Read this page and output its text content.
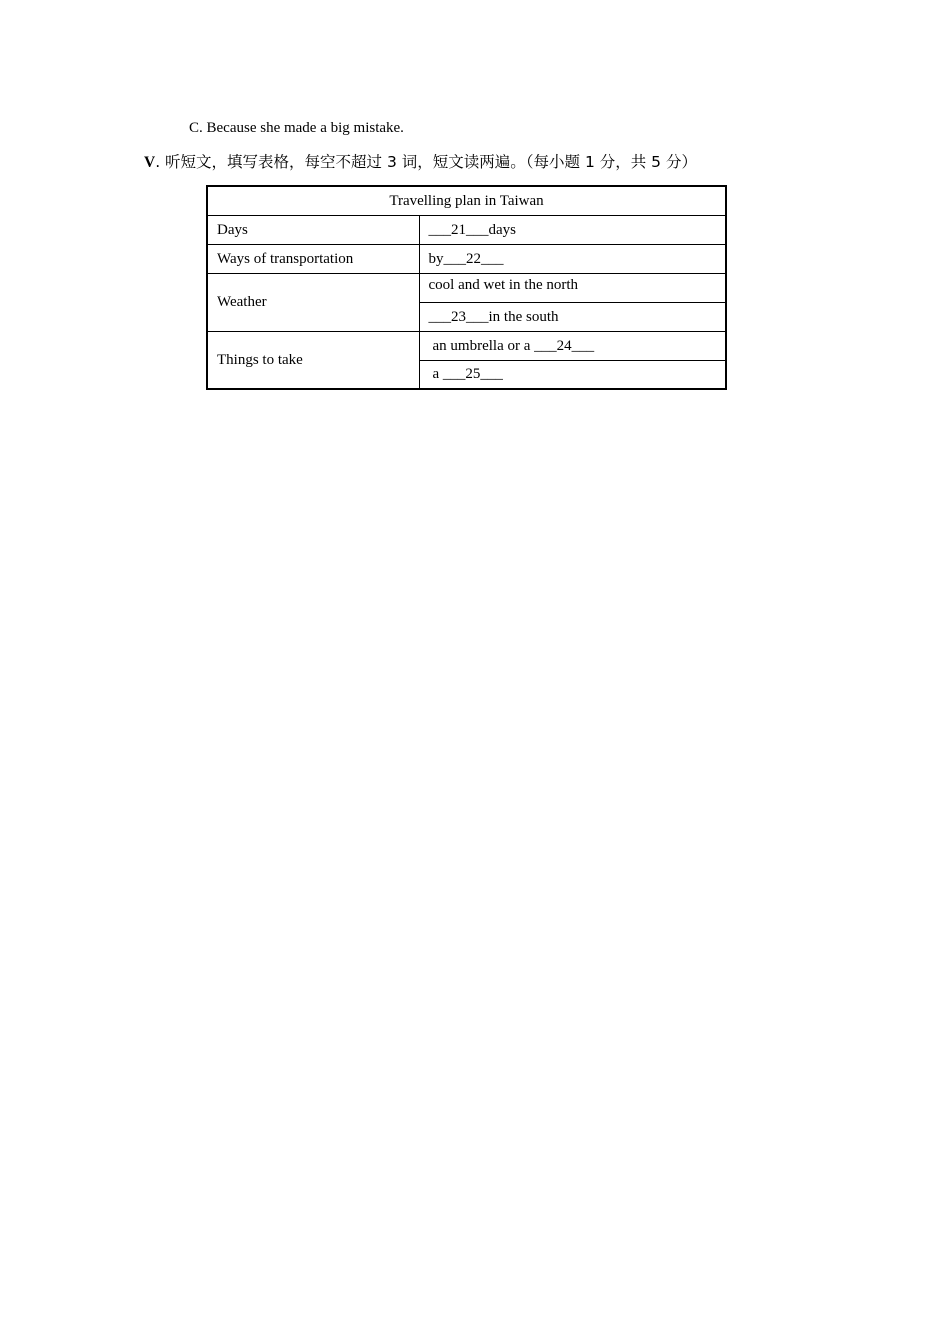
C. Because she made a big mistake.
V. 听短文，填写表格，每空不超过 3 词，短文读两遍。（每小题 1 分，共 5 分）
Travelling plan in Taiwan	
Days	___21___days
Ways of transportation	by___22___
Weather	cool and wet in the north
	___23___in the south
Things to take	an umbrella or a ___24___
	a ___25___
